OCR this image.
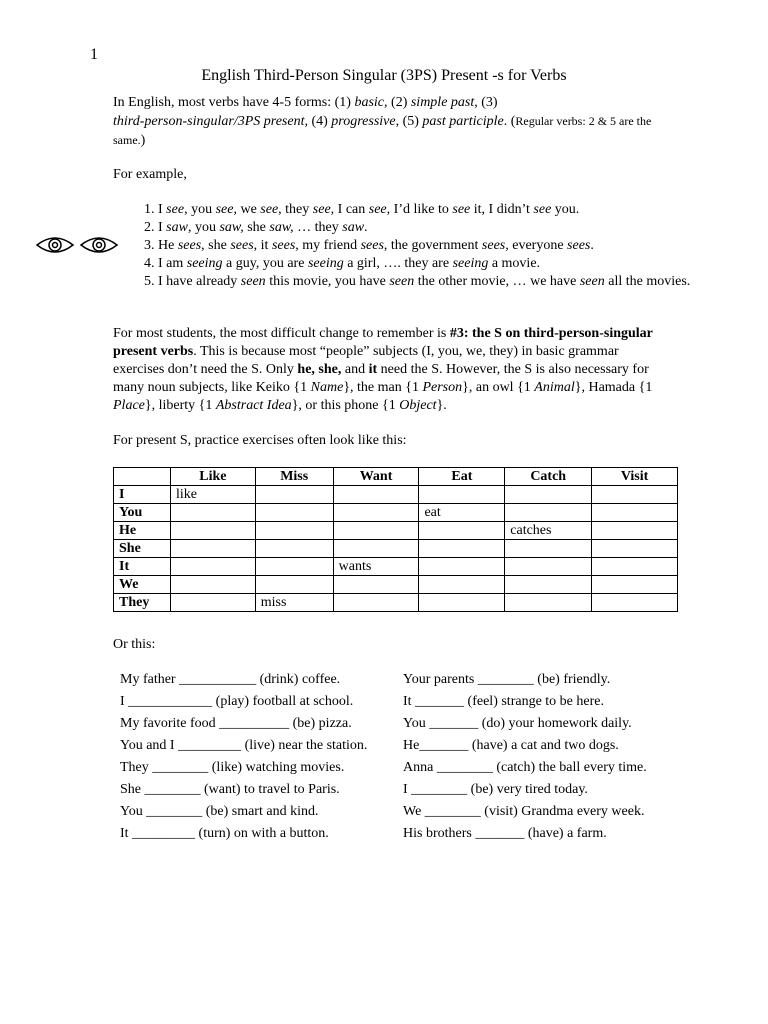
1
English Third-Person Singular (3PS) Present -s for Verbs
In English, most verbs have 4-5 forms: (1) basic, (2) simple past, (3)
third-person-singular/3PS present, (4) progressive, (5) past participle. (Regular verbs: 2 & 5 are the same.)
For example,
1. I see, you see, we see, they see, I can see, I’d like to see it, I didn’t see you.
2. I saw, you saw, she saw, … they saw.
3. He sees, she sees, it sees, my friend sees, the government sees, everyone sees.
4. I am seeing a guy, you are seeing a girl, …. they are seeing a movie.
5. I have already seen this movie, you have seen the other movie, … we have seen all the movies.
For most students, the most difficult change to remember is #3: the S on third-person-singular present verbs. This is because most “people” subjects (I, you, we, they) in basic grammar exercises don’t need the S. Only he, she, and it need the S. However, the S is also necessary for many noun subjects, like Keiko {1 Name}, the man {1 Person}, an owl {1 Animal}, Hamada {1 Place}, liberty {1 Abstract Idea}, or this phone {1 Object}.
For present S, practice exercises often look like this:
	Like	Miss	Want	Eat	Catch	Visit
I	like					
You				eat		
He					catches	
She						
It			wants			
We						
They		miss				
Or this:
My father ___________ (drink) coffee.
I ____________ (play) football at school.
My favorite food __________ (be) pizza.
You and I _________ (live) near the station.
They ________ (like) watching movies.
She ________ (want) to travel to Paris.
You ________ (be) smart and kind.
It _________ (turn) on with a button.
Your parents ________ (be) friendly.
It _______ (feel) strange to be here.
You _______ (do) your homework daily.
He_______ (have) a cat and two dogs.
Anna ________ (catch) the ball every time.
I ________ (be) very tired today.
We ________ (visit) Grandma every week.
His brothers _______ (have) a farm.
